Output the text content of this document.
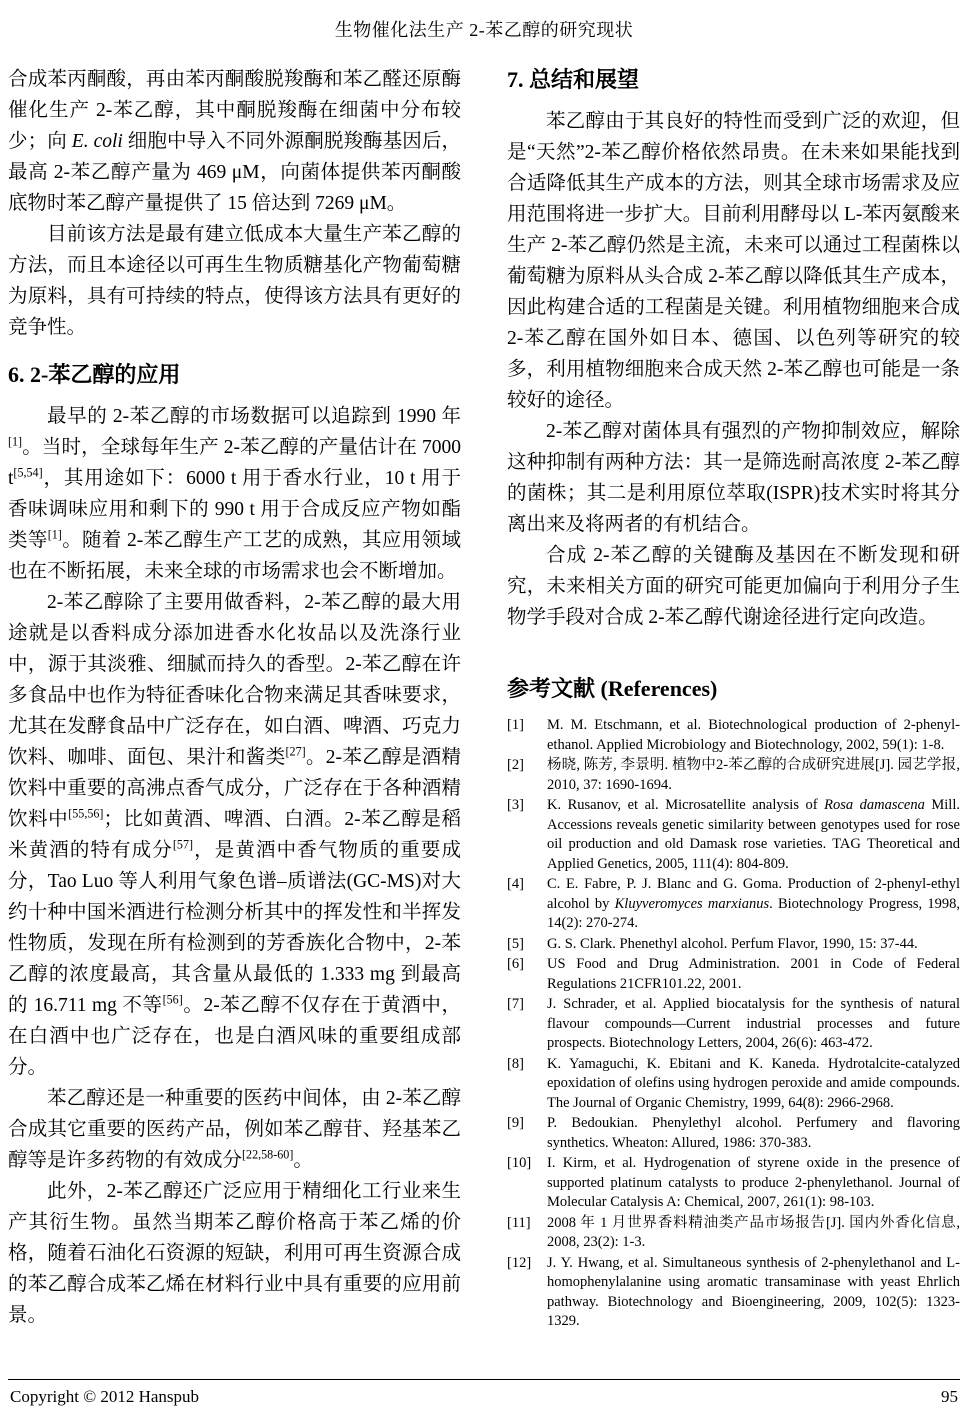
生物催化法生产 2-苯乙醇的研究现状

合成苯丙酮酸，再由苯丙酮酸脱羧酶和苯乙醛还原酶催化生产 2-苯乙醇，其中酮脱羧酶在细菌中分布较少；向 E. coli 细胞中导入不同外源酮脱羧酶基因后，最高 2-苯乙醇产量为 469 μM，向菌体提供苯丙酮酸底物时苯乙醇产量提供了 15 倍达到 7269 μM。

目前该方法是最有建立低成本大量生产苯乙醇的方法，而且本途径以可再生生物质糖基化产物葡萄糖为原料，具有可持续的特点，使得该方法具有更好的竞争性。

6. 2-苯乙醇的应用

最早的 2-苯乙醇的市场数据可以追踪到 1990 年[1]。当时，全球每年生产 2-苯乙醇的产量估计在 7000 t[5,54]，其用途如下：6000 t 用于香水行业，10 t 用于香味调味应用和剩下的 990 t 用于合成反应产物如酯类等[1]。随着 2-苯乙醇生产工艺的成熟，其应用领域也在不断拓展，未来全球的市场需求也会不断增加。

2-苯乙醇除了主要用做香料，2-苯乙醇的最大用途就是以香料成分添加进香水化妆品以及洗涤行业中，源于其淡雅、细腻而持久的香型。2-苯乙醇在许多食品中也作为特征香味化合物来满足其香味要求，尤其在发酵食品中广泛存在，如白酒、啤酒、巧克力饮料、咖啡、面包、果汁和酱类[27]。2-苯乙醇是酒精饮料中重要的高沸点香气成分，广泛存在于各种酒精饮料中[55,56]；比如黄酒、啤酒、白酒。2-苯乙醇是稻米黄酒的特有成分[57]，是黄酒中香气物质的重要成分，Tao Luo 等人利用气象色谱–质谱法(GC-MS)对大约十种中国米酒进行检测分析其中的挥发性和半挥发性物质，发现在所有检测到的芳香族化合物中，2-苯乙醇的浓度最高，其含量从最低的 1.333 mg 到最高的 16.711 mg 不等[56]。2-苯乙醇不仅存在于黄酒中，在白酒中也广泛存在，也是白酒风味的重要组成部分。

苯乙醇还是一种重要的医药中间体，由 2-苯乙醇合成其它重要的医药产品，例如苯乙醇苷、羟基苯乙醇等是许多药物的有效成分[22,58-60]。

此外，2-苯乙醇还广泛应用于精细化工行业来生产其衍生物。虽然当期苯乙醇价格高于苯乙烯的价格，随着石油化石资源的短缺，利用可再生资源合成的苯乙醇合成苯乙烯在材料行业中具有重要的应用前景。

7. 总结和展望

苯乙醇由于其良好的特性而受到广泛的欢迎，但是“天然”2-苯乙醇价格依然昂贵。在未来如果能找到合适降低其生产成本的方法，则其全球市场需求及应用范围将进一步扩大。目前利用酵母以 L-苯丙氨酸来生产 2-苯乙醇仍然是主流，未来可以通过工程菌株以葡萄糖为原料从头合成 2-苯乙醇以降低其生产成本，因此构建合适的工程菌是关键。利用植物细胞来合成 2-苯乙醇在国外如日本、德国、以色列等研究的较多，利用植物细胞来合成天然 2-苯乙醇也可能是一条较好的途径。

2-苯乙醇对菌体具有强烈的产物抑制效应，解除这种抑制有两种方法：其一是筛选耐高浓度 2-苯乙醇的菌株；其二是利用原位萃取(ISPR)技术实时将其分离出来及将两者的有机结合。

合成 2-苯乙醇的关键酶及基因在不断发现和研究，未来相关方面的研究可能更加偏向于利用分子生物学手段对合成 2-苯乙醇代谢途径进行定向改造。

参考文献 (References)
[1]	M. M. Etschmann, et al. Biotechnological production of 2-phenyl-ethanol. Applied Microbiology and Biotechnology, 2002, 59(1): 1-8.
[2]	杨晓, 陈芳, 李景明. 植物中2-苯乙醇的合成研究进展[J]. 园艺学报, 2010, 37: 1690-1694.
[3]	K. Rusanov, et al. Microsatellite analysis of Rosa damascena Mill. Accessions reveals genetic similarity between genotypes used for rose oil production and old Damask rose varieties. TAG Theoretical and Applied Genetics, 2005, 111(4): 804-809.
[4]	C. E. Fabre, P. J. Blanc and G. Goma. Production of 2-phenyl-ethyl alcohol by Kluyveromyces marxianus. Biotechnology Progress, 1998, 14(2): 270-274.
[5]	G. S. Clark. Phenethyl alcohol. Perfum Flavor, 1990, 15: 37-44.
[6]	US Food and Drug Administration. 2001 in Code of Federal Regulations 21CFR101.22, 2001.
[7]	J. Schrader, et al. Applied biocatalysis for the synthesis of natural flavour compounds—Current industrial processes and future prospects. Biotechnology Letters, 2004, 26(6): 463-472.
[8]	K. Yamaguchi, K. Ebitani and K. Kaneda. Hydrotalcite-catalyzed epoxidation of olefins using hydrogen peroxide and amide compounds. The Journal of Organic Chemistry, 1999, 64(8): 2966-2968.
[9]	P. Bedoukian. Phenylethyl alcohol. Perfumery and flavoring synthetics. Wheaton: Allured, 1986: 370-383.
[10]	I. Kirm, et al. Hydrogenation of styrene oxide in the presence of supported platinum catalysts to produce 2-phenylethanol. Journal of Molecular Catalysis A: Chemical, 2007, 261(1): 98-103.
[11]	2008 年 1 月世界香料精油类产品市场报告[J]. 国内外香化信息, 2008, 23(2): 1-3.
[12]	J. Y. Hwang, et al. Simultaneous synthesis of 2-phenylethanol and L-homophenylalanine using aromatic transaminase with yeast Ehrlich pathway. Biotechnology and Bioengineering, 2009, 102(5): 1323-1329.
Copyright © 2012 Hanspub	95
